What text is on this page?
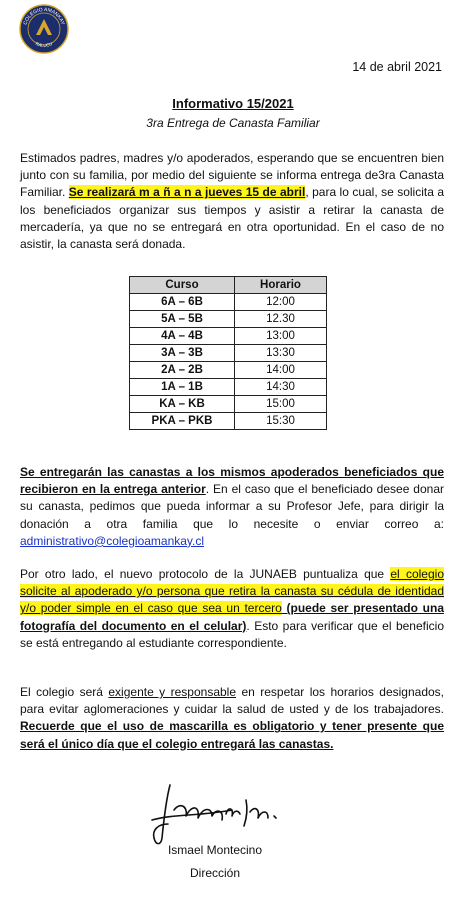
COLEGIO AMANKAY
RALUCU
14 de abril 2021
Informativo 15/2021
3ra Entrega de Canasta Familiar

Estimados padres, madres y/o apoderados, esperando que se encuentren bien junto con su familia, por medio del siguiente se informa entrega de3ra Canasta Familiar. Se realizará m a ñ a n a jueves 15 de abril, para lo cual, se solicita a los beneficiados organizar sus tiempos y asistir a retirar la canasta de mercadería, ya que no se entregará en otra oportunidad. En el caso de no asistir, la canasta será donada.

Curso	Horario
6A – 6B	12:00
5A – 5B	12.30
4A – 4B	13:00
3A – 3B	13:30
2A – 2B	14:00
1A – 1B	14:30
KA – KB	15:00
PKA – PKB	15:30

Se entregarán las canastas a los mismos apoderados beneficiados que recibieron en la entrega anterior. En el caso que el beneficiado desee donar su canasta, pedimos que pueda informar a su Profesor Jefe, para dirigir la donación a otra familia que lo necesite o enviar correo a: administrativo@colegioamankay.cl

Por otro lado, el nuevo protocolo de la JUNAEB puntualiza que el colegio solicite al apoderado y/o persona que retira la canasta su cédula de identidad y/o poder simple en el caso que sea un tercero (puede ser presentado una fotografía del documento en el celular). Esto para verificar que el beneficio se está entregando al estudiante correspondiente.

El colegio será exigente y responsable en respetar los horarios designados, para evitar aglomeraciones y cuidar la salud de usted y de los trabajadores. Recuerde que el uso de mascarilla es obligatorio y tener presente que será el único día que el colegio entregará las canastas.

Ismael Montecino
Dirección
